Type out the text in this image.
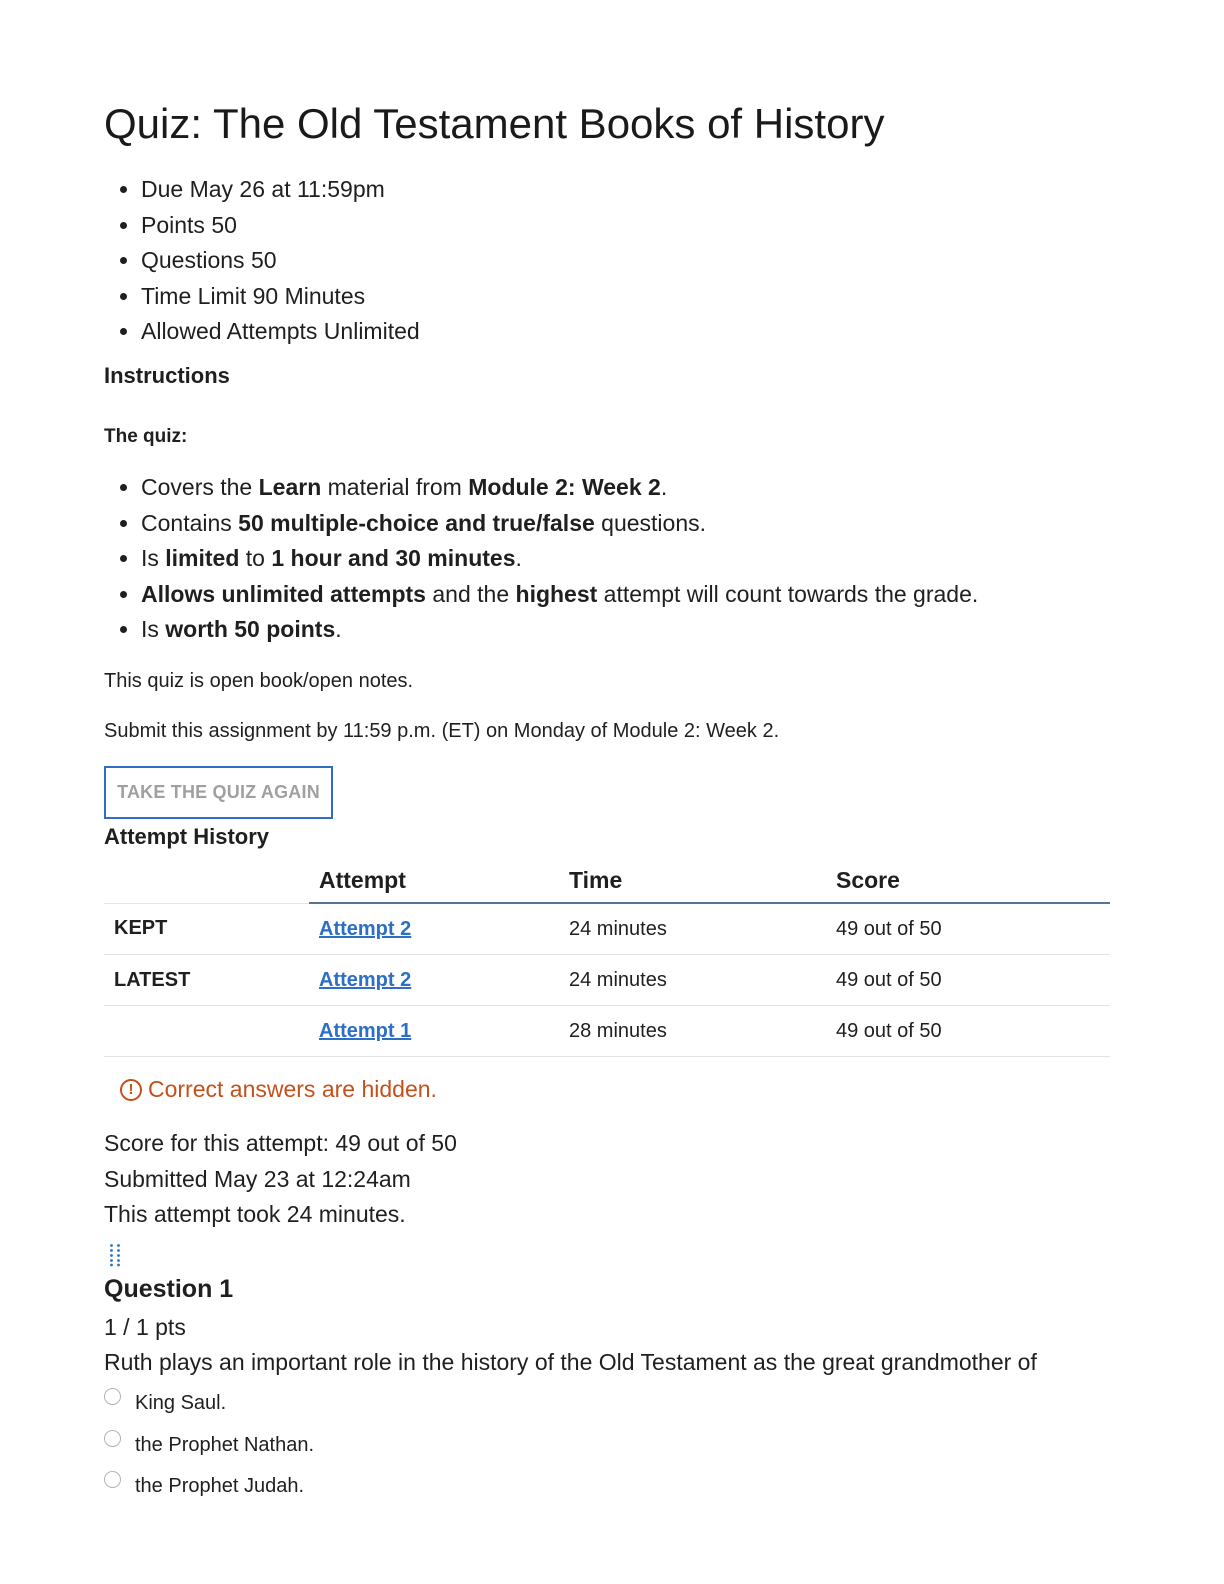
Quiz: The Old Testament Books of History
• Due May 26 at 11:59pm
• Points 50
• Questions 50
• Time Limit 90 Minutes
• Allowed Attempts Unlimited
Instructions
The quiz:
• Covers the Learn material from Module 2: Week 2.
• Contains 50 multiple-choice and true/false questions.
• Is limited to 1 hour and 30 minutes.
• Allows unlimited attempts and the highest attempt will count towards the grade.
• Is worth 50 points.

This quiz is open book/open notes.

Submit this assignment by 11:59 p.m. (ET) on Monday of Module 2: Week 2.

TAKE THE QUIZ AGAIN
Attempt History
	Attempt	Time	Score
KEPT	Attempt 2	24 minutes	49 out of 50
LATEST	Attempt 2	24 minutes	49 out of 50
	Attempt 1	28 minutes	49 out of 50
! Correct answers are hidden.
Score for this attempt: 49 out of 50
Submitted May 23 at 12:24am
This attempt took 24 minutes.
Question 1
1 / 1 pts
Ruth plays an important role in the history of the Old Testament as the great grandmother of
King Saul.
the Prophet Nathan.
the Prophet Judah.
